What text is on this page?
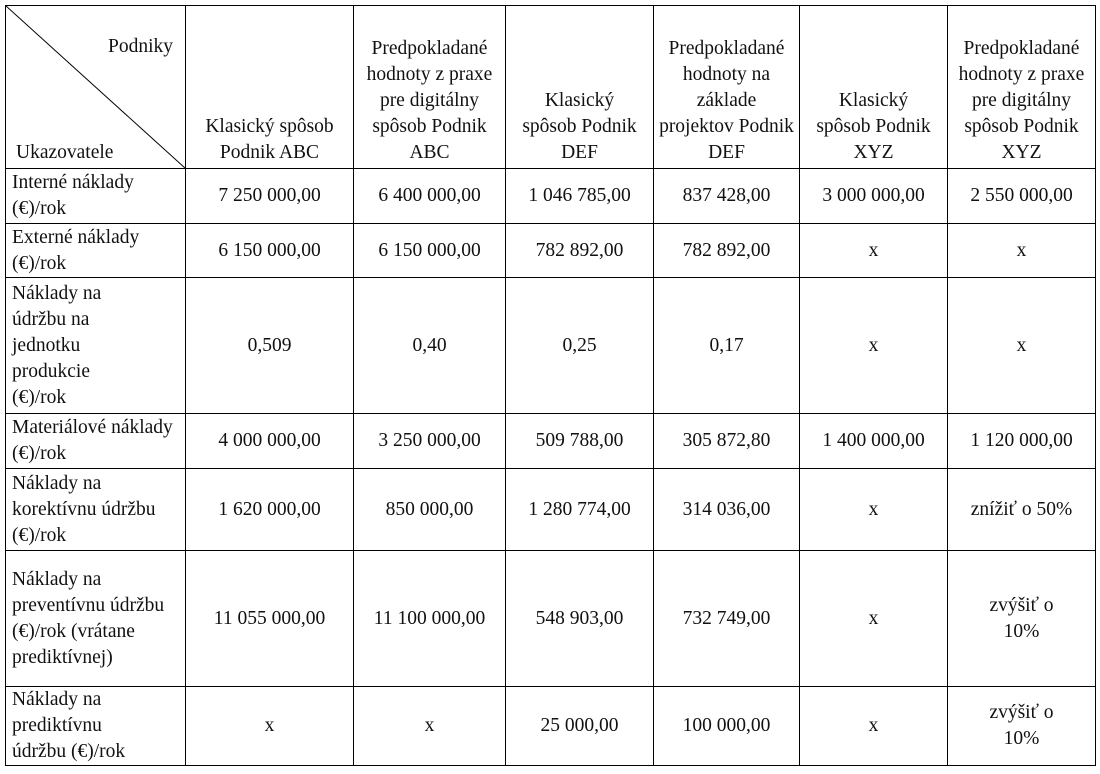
Podniky
Ukazovatele	Klasický spôsob Podnik ABC	Predpokladané hodnoty z praxe pre digitálny spôsob Podnik ABC	Klasický spôsob Podnik DEF	Predpokladané hodnoty na základe projektov Podnik DEF	Klasický spôsob Podnik XYZ	Predpokladané hodnoty z praxe pre digitálny spôsob Podnik XYZ
Interné náklady (€)/rok	7 250 000,00	6 400 000,00	1 046 785,00	837 428,00	3 000 000,00	2 550 000,00
Externé náklady (€)/rok	6 150 000,00	6 150 000,00	782 892,00	782 892,00	x	x
Náklady na údržbu na jednotku produkcie (€)/rok	0,509	0,40	0,25	0,17	x	x
Materiálové náklady (€)/rok	4 000 000,00	3 250 000,00	509 788,00	305 872,80	1 400 000,00	1 120 000,00
Náklady na korektívnu údržbu (€)/rok	1 620 000,00	850 000,00	1 280 774,00	314 036,00	x	znížiť o 50%
Náklady na preventívnu údržbu (€)/rok (vrátane prediktívnej)	11 055 000,00	11 100 000,00	548 903,00	732 749,00	x	zvýšiť o 10%
Náklady na prediktívnu údržbu (€)/rok	x	x	25 000,00	100 000,00	x	zvýšiť o 10%
